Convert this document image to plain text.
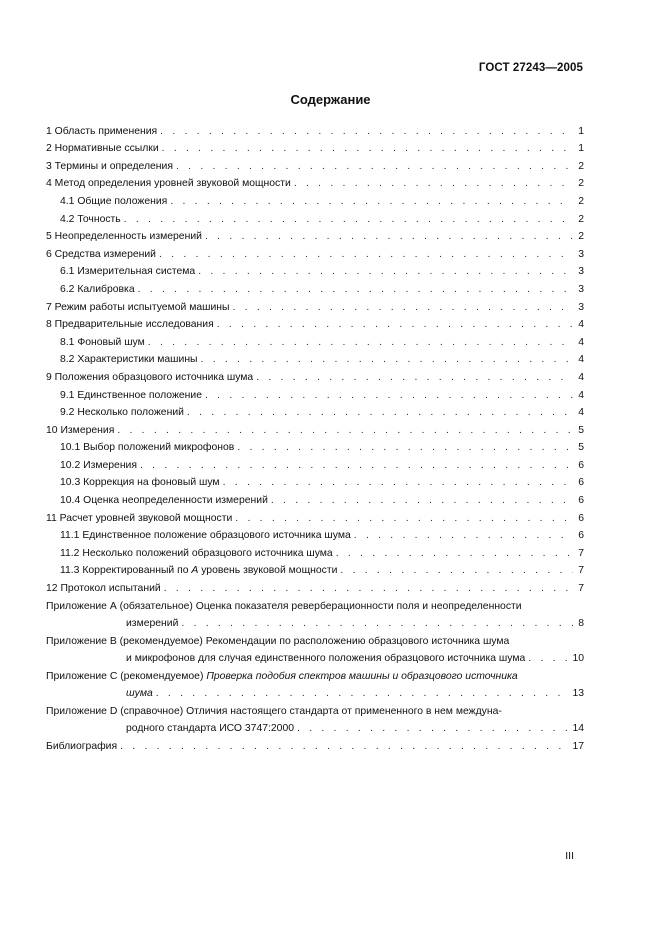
ГОСТ 27243—2005
Содержание
1 Область применения . . .	1
2 Нормативные ссылки . . .	1
3 Термины и определения . . .	2
4 Метод определения уровней звуковой мощности . . .	2
4.1 Общие положения . . .	2
4.2 Точность . . .	2
5 Неопределенность измерений . . .	2
6 Средства измерений . . .	3
6.1 Измерительная система . . .	3
6.2 Калибровка . . .	3
7 Режим работы испытуемой машины . . .	3
8 Предварительные исследования . . .	4
8.1 Фоновый шум . . .	4
8.2 Характеристики машины . . .	4
9 Положения образцового источника шума . . .	4
9.1 Единственное положение . . .	4
9.2 Несколько положений . . .	4
10 Измерения . . .	5
10.1 Выбор положений микрофонов . . .	5
10.2 Измерения . . .	6
10.3 Коррекция на фоновый шум . . .	6
10.4 Оценка неопределенности измерений . . .	6
11 Расчет уровней звуковой мощности . . .	6
11.1 Единственное положение образцового источника шума . . .	6
11.2 Несколько положений образцового источника шума . . .	7
11.3 Корректированный по А уровень звуковой мощности . . .	7
12 Протокол испытаний . . .	7
Приложение А (обязательное) Оценка показателя реверберационности поля и неопределенности
измерений . . .	8
Приложение В (рекомендуемое) Рекомендации по расположению образцового источника шума
и микрофонов для случая единственного положения образцового источника шума . . .	10
Приложение С (рекомендуемое) Проверка подобия спектров машины и образцового источника
шума . . .	13
Приложение D (справочное) Отличия настоящего стандарта от примененного в нем междуна-
родного стандарта ИСО 3747:2000 . . .	14
Библиография . . .	17
III
